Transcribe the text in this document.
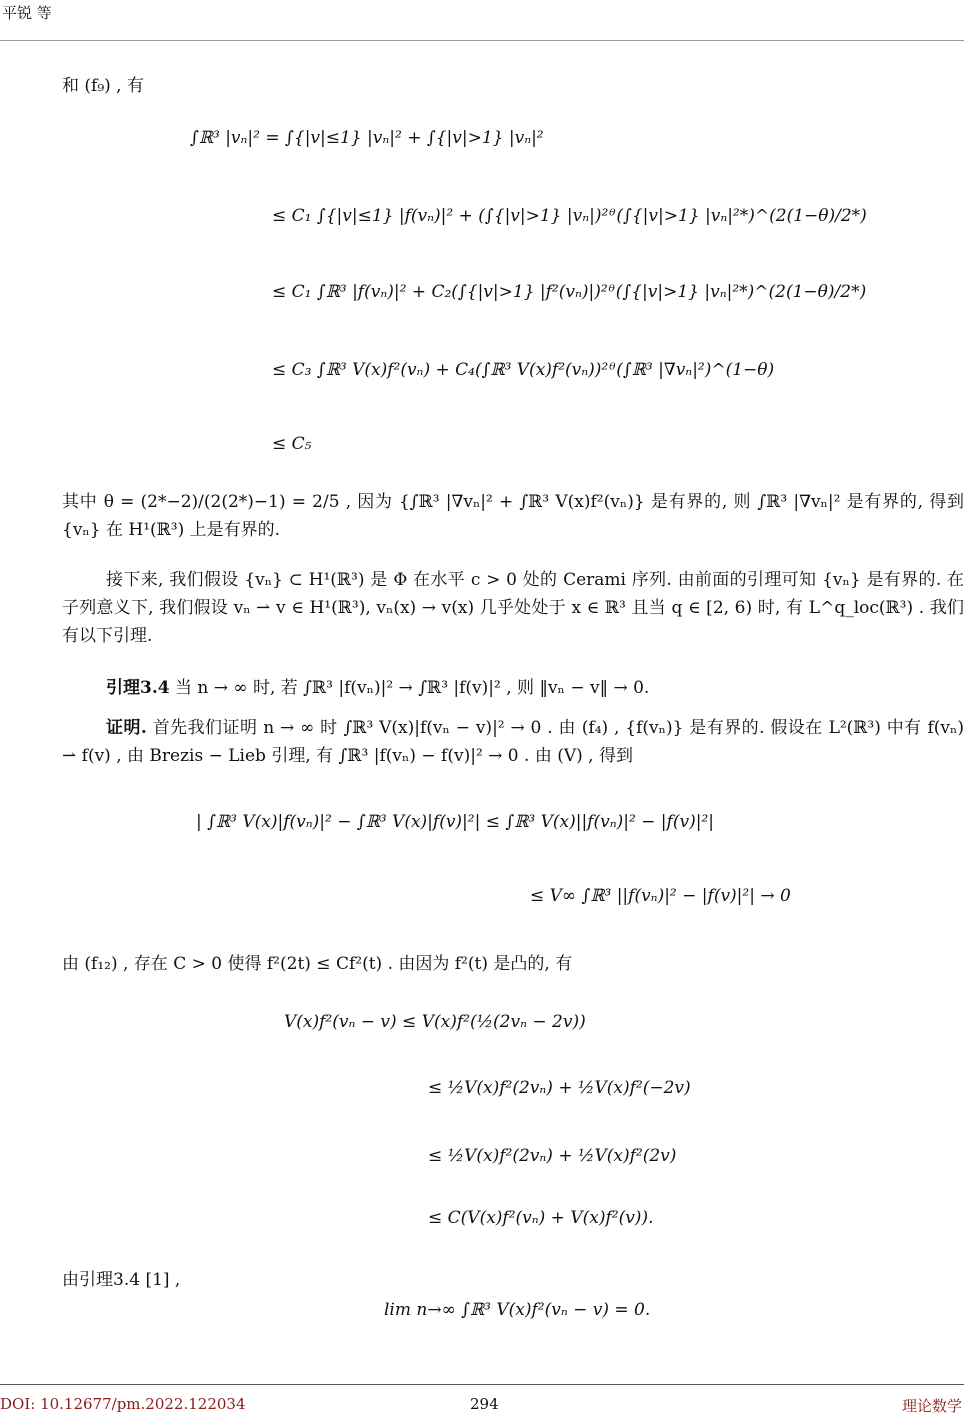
平锐 等

和 (f₉) , 有

∫ℝ³ |vₙ|² = ∫{|v|≤1} |vₙ|² + ∫{|v|>1} |vₙ|²
≤ C₁ ∫{|v|≤1} |f(vₙ)|² + (∫{|v|>1} |vₙ|)²ᶿ(∫{|v|>1} |vₙ|²*)^(2(1−θ)/2*)
≤ C₁ ∫ℝ³ |f(vₙ)|² + C₂(∫{|v|>1} |f²(vₙ)|)²ᶿ(∫{|v|>1} |vₙ|²*)^(2(1−θ)/2*)
≤ C₃ ∫ℝ³ V(x)f²(vₙ) + C₄(∫ℝ³ V(x)f²(vₙ))²ᶿ(∫ℝ³ |∇vₙ|²)^(1−θ)
≤ C₅

其中 θ = (2*−2)/(2(2*)−1) = 2/5 , 因为 {∫ℝ³ |∇vₙ|² + ∫ℝ³ V(x)f²(vₙ)} 是有界的, 则 ∫ℝ³ |∇vₙ|² 是有界的, 得到 {vₙ} 在 H¹(ℝ³) 上是有界的.

接下来, 我们假设 {vₙ} ⊂ H¹(ℝ³) 是 Φ 在水平 c > 0 处的 Cerami 序列. 由前面的引理可知 {vₙ} 是有界的. 在子列意义下, 我们假设 vₙ ⇀ v ∈ H¹(ℝ³), vₙ(x) → v(x) 几乎处处于 x ∈ ℝ³ 且当 q ∈ [2, 6) 时, 有 L^q_loc(ℝ³) . 我们有以下引理.

引理3.4 当 n → ∞ 时, 若 ∫ℝ³ |f(vₙ)|² → ∫ℝ³ |f(v)|² , 则 ‖vₙ − v‖ → 0.

证明. 首先我们证明 n → ∞ 时 ∫ℝ³ V(x)|f(vₙ − v)|² → 0 . 由 (f₄) , {f(vₙ)} 是有界的. 假设在 L²(ℝ³) 中有 f(vₙ) ⇀ f(v) , 由 Brezis − Lieb 引理, 有 ∫ℝ³ |f(vₙ) − f(v)|² → 0 . 由 (V) , 得到

| ∫ℝ³ V(x)|f(vₙ)|² − ∫ℝ³ V(x)|f(v)|²| ≤ ∫ℝ³ V(x)||f(vₙ)|² − |f(v)|²|
≤ V∞ ∫ℝ³ ||f(vₙ)|² − |f(v)|²| → 0

由 (f₁₂) , 存在 C > 0 使得 f²(2t) ≤ Cf²(t) . 由因为 f²(t) 是凸的, 有

V(x)f²(vₙ − v) ≤ V(x)f²(½(2vₙ − 2v))
≤ ½V(x)f²(2vₙ) + ½V(x)f²(−2v)
≤ ½V(x)f²(2vₙ) + ½V(x)f²(2v)
≤ C(V(x)f²(vₙ) + V(x)f²(v)).

由引理3.4 [1] ,

lim n→∞ ∫ℝ³ V(x)f²(vₙ − v) = 0.
DOI: 10.12677/pm.2022.122034	294	理论数学
